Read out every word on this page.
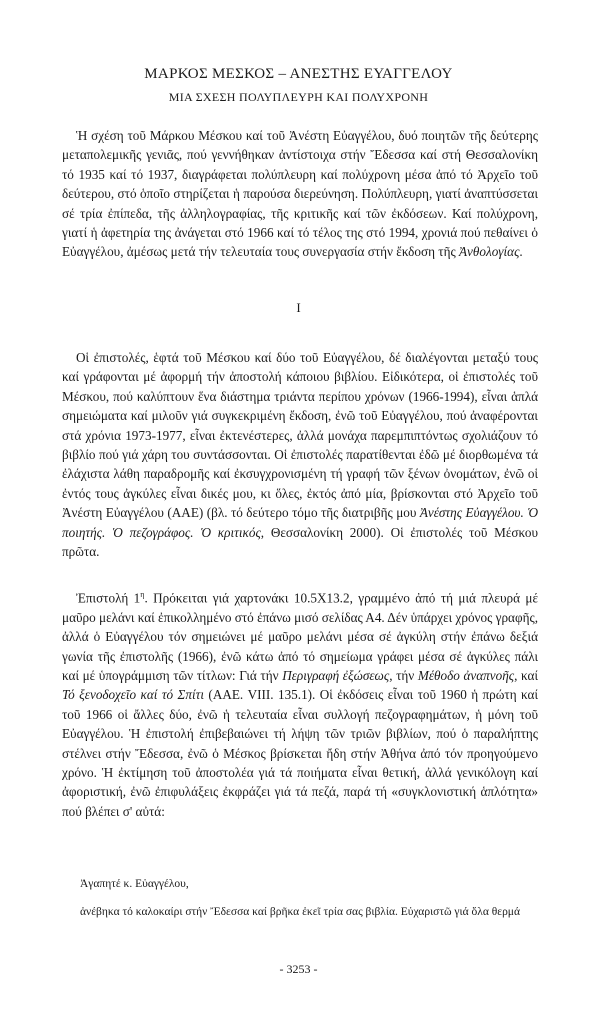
ΜΑΡΚΟΣ ΜΕΣΚΟΣ – ΑΝΕΣΤΗΣ ΕΥΑΓΓΕΛΟΥ
ΜΙΑ ΣΧΕΣΗ ΠΟΛΥΠΛΕΥΡΗ ΚΑΙ ΠΟΛΥΧΡΟΝΗ

Ἡ σχέση τοῦ Μάρκου Μέσκου καί τοῦ Ἀνέστη Εὐαγγέλου, δυό ποιητῶν τῆς δεύτερης μεταπολεμικῆς γενιᾶς, πού γεννήθηκαν ἀντίστοιχα στήν Ἔδεσσα καί στή Θεσσαλονίκη τό 1935 καί τό 1937, διαγράφεται πολύπλευρη καί πολύχρονη μέσα ἀπό τό Ἀρχεῖο τοῦ δεύτερου, στό ὁποῖο στηρίζεται ἡ παρούσα διερεύνηση. Πολύπλευρη, γιατί ἀναπτύσσεται σέ τρία ἐπίπεδα, τῆς ἀλληλογραφίας, τῆς κριτικῆς καί τῶν ἐκδόσεων. Καί πολύχρονη, γιατί ἡ ἀφετηρία της ἀνάγεται στό 1966 καί τό τέλος της στό 1994, χρονιά πού πεθαίνει ὁ Εὐαγγέλου, ἀμέσως μετά τήν τελευταία τους συνεργασία στήν ἔκδοση τῆς Ἀνθολογίας.

I

Οἱ ἐπιστολές, ἑφτά τοῦ Μέσκου καί δύο τοῦ Εὐαγγέλου, δέ διαλέγονται μεταξύ τους καί γράφονται μέ ἀφορμή τήν ἀποστολή κάποιου βιβλίου. Εἰδικότερα, οἱ ἐπιστολές τοῦ Μέσκου, πού καλύπτουν ἕνα διάστημα τριάντα περίπου χρόνων (1966-1994), εἶναι ἁπλά σημειώματα καί μιλοῦν γιά συγκεκριμένη ἔκδοση, ἐνῶ τοῦ Εὐαγγέλου, πού ἀναφέρονται στά χρόνια 1973-1977, εἶναι ἐκτενέστερες, ἀλλά μονάχα παρεμπιπτόντως σχολιάζουν τό βιβλίο πού γιά χάρη του συντάσσονται. Οἱ ἐπιστολές παρατίθενται ἐδῶ μέ διορθωμένα τά ἐλάχιστα λάθη παραδρομῆς καί ἐκσυγχρονισμένη τή γραφή τῶν ξένων ὀνομάτων, ἐνῶ οἱ ἐντός τους ἀγκύλες εἶναι δικές μου, κι ὅλες, ἐκτός ἀπό μία, βρίσκονται στό Ἀρχεῖο τοῦ Ἀνέστη Εὐαγγέλου (ΑΑΕ) (βλ. τό δεύτερο τόμο τῆς διατριβῆς μου Ἀνέστης Εὐαγγέλου. Ὁ ποιητής. Ὁ πεζογράφος. Ὁ κριτικός, Θεσσαλονίκη 2000). Οἱ ἐπιστολές τοῦ Μέσκου πρῶτα.

Ἐπιστολή $1^\eta$. Πρόκειται γιά χαρτονάκι 10.5Χ13.2, γραμμένο ἀπό τή μιά πλευρά μέ μαῦρο μελάνι καί ἐπικολλημένο στό ἐπάνω μισό σελίδας Α4. Δέν ὑπάρχει χρόνος γραφῆς, ἀλλά ὁ Εὐαγγέλου τόν σημειώνει μέ μαῦρο μελάνι μέσα σέ ἀγκύλη στήν ἐπάνω δεξιά γωνία τῆς ἐπιστολῆς (1966), ἐνῶ κάτω ἀπό τό σημείωμα γράφει μέσα σέ ἀγκύλες πάλι καί μέ ὑπογράμμιση τῶν τίτλων: Γιά τήν Περιγραφή ἐξώσεως, τήν Μέθοδο ἀναπνοῆς, καί Τό ξενοδοχεῖο καί τό Σπίτι (ΑΑΕ. VIII. 135.1). Οἱ ἐκδόσεις εἶναι τοῦ 1960 ἡ πρώτη καί τοῦ 1966 οἱ ἄλλες δύο, ἐνῶ ἡ τελευταία εἶναι συλλογή πεζογραφημάτων, ἡ μόνη τοῦ Εὐαγγέλου. Ἡ ἐπιστολή ἐπιβεβαιώνει τή λήψη τῶν τριῶν βιβλίων, πού ὁ παραλήπτης στέλνει στήν Ἔδεσσα, ἐνῶ ὁ Μέσκος βρίσκεται ἤδη στήν Ἀθήνα ἀπό τόν προηγούμενο χρόνο. Ἡ ἐκτίμηση τοῦ ἀποστολέα γιά τά ποιήματα εἶναι θετική, ἀλλά γενικόλογη καί ἀφοριστική, ἐνῶ ἐπιφυλάξεις ἐκφράζει γιά τά πεζά, παρά τή «συγκλονιστική ἁπλότητα» πού βλέπει σ' αὐτά:

Ἀγαπητέ κ. Εὐαγγέλου,

ἀνέβηκα τό καλοκαίρι στήν Ἔδεσσα καί βρῆκα ἐκεῖ τρία σας βιβλία. Εὐχαριστῶ γιά ὅλα θερμά

- 3253 -
